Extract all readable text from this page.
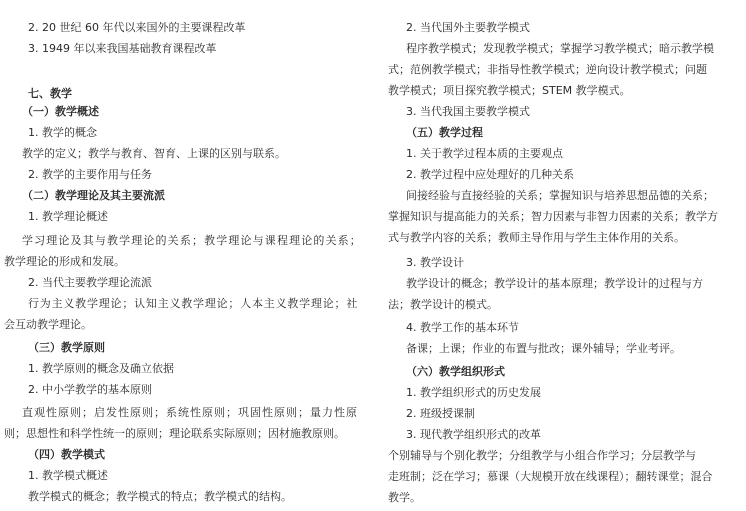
2. 20 世纪 60 年代以来国外的主要课程改革
3. 1949 年以来我国基础教育课程改革
七、教学
（一）教学概述
1. 教学的概念
教学的定义；教学与教育、智育、上课的区别与联系。
2. 教学的主要作用与任务
（二）教学理论及其主要流派
1. 教学理论概述
学习理论及其与教学理论的关系；教学理论与课程理论的关系；
教学理论的形成和发展。
2. 当代主要教学理论流派
行为主义教学理论；认知主义教学理论；人本主义教学理论；社
会互动教学理论。
（三）教学原则
1. 教学原则的概念及确立依据
2. 中小学教学的基本原则
直观性原则；启发性原则；系统性原则；巩固性原则；量力性原
则；思想性和科学性统一的原则；理论联系实际原则；因材施教原则。
（四）教学模式
1. 教学模式概述
教学模式的概念；教学模式的特点；教学模式的结构。
2. 当代国外主要教学模式
程序教学模式；发现教学模式；掌握学习教学模式；暗示教学模
式；范例教学模式；非指导性教学模式；逆向设计教学模式；问题
教学模式；项目探究教学模式；STEM 教学模式。
3. 当代我国主要教学模式
（五）教学过程
1. 关于教学过程本质的主要观点
2. 教学过程中应处理好的几种关系
间接经验与直接经验的关系；掌握知识与培养思想品德的关系；
掌握知识与提高能力的关系；智力因素与非智力因素的关系；教学方
式与教学内容的关系；教师主导作用与学生主体作用的关系。
3. 教学设计
教学设计的概念；教学设计的基本原理；教学设计的过程与方
法；教学设计的模式。
4. 教学工作的基本环节
备课；上课；作业的布置与批改；课外辅导；学业考评。
（六）教学组织形式
1. 教学组织形式的历史发展
2. 班级授课制
3. 现代教学组织形式的改革
个别辅导与个别化教学；分组教学与小组合作学习；分层教学与
走班制；泛在学习；慕课（大规模开放在线课程）；翻转课堂；混合
教学。
